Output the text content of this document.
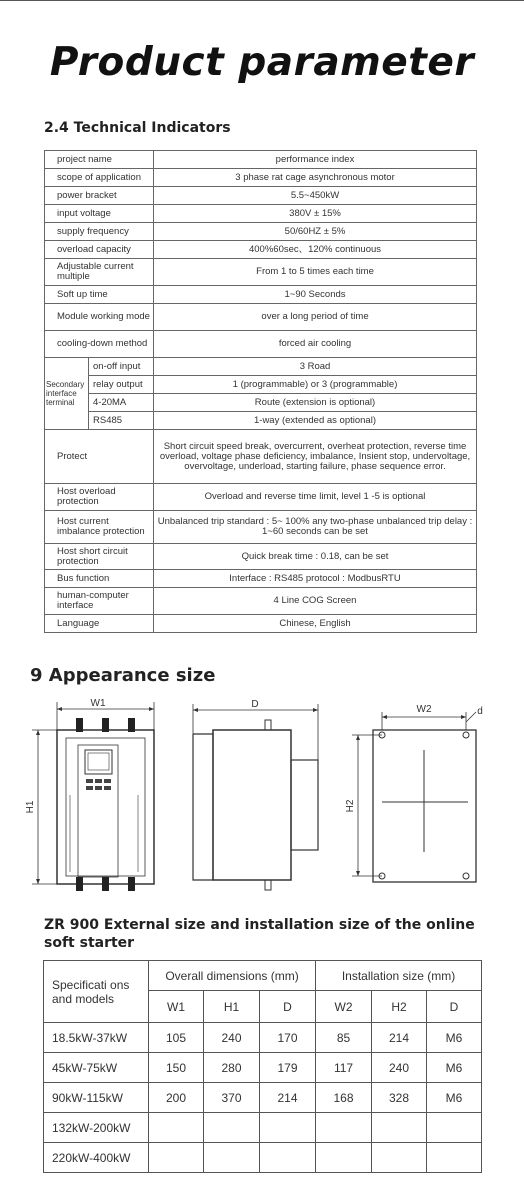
Product parameter
2.4 Technical Indicators
project name		performance index
scope of application		3 phase rat cage asynchronous motor
power bracket		5.5~450kW
input voltage		380V ± 15%
supply frequency		50/60HZ ± 5%
overload capacity		400%60sec、120% continuous
Adjustable current multiple		From 1 to 5 times each time
Soft up time		1~90 Seconds
Module working mode		over a long period of time
cooling-down method		forced air cooling
Secondary interface terminal	on-off input	3 Road
	relay output	1 (programmable) or 3 (programmable)
	4-20MA	Route (extension is optional)
	RS485	1-way (extended as optional)
Protect		Short circuit speed break, overcurrent, overheat protection, reverse time overload, voltage phase deficiency, imbalance, Insient stop, undervoltage, overvoltage, underload, starting failure, phase sequence error.
Host overload protection		Overload and reverse time limit, level 1 -5 is optional
Host current imbalance protection		Unbalanced trip standard : 5~ 100% any two-phase unbalanced trip delay : 1~60 seconds can be set
Host short circuit protection		Quick break time : 0.18, can be set
Bus function		Interface : RS485 protocol : ModbusRTU
human-computer interface		4 Line COG Screen
Language		Chinese, English
9 Appearance size
W1
H1
D	W2	d
H2
ZR 900 External size and installation size of the online soft starter
Specificati ons and models	Overall dimensions (mm)			Installation size (mm)		
	W1	H1	D	W2	H2	D
18.5kW-37kW	105	240	170	85	214	M6
45kW-75kW	150	280	179	117	240	M6
90kW-115kW	200	370	214	168	328	M6
132kW-200kW						
220kW-400kW						
